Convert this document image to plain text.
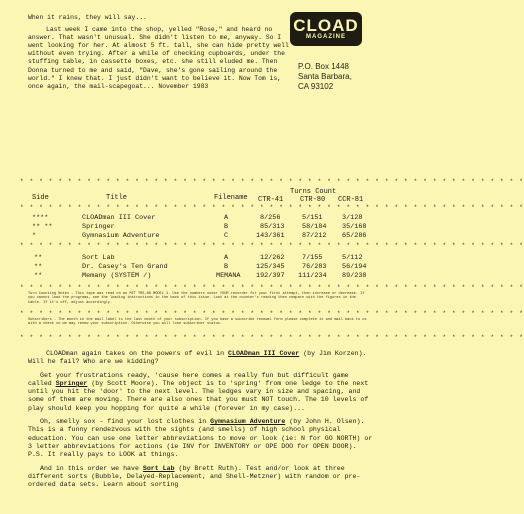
When it rains, they will say...

Last week I came into the shop, yelled "Rose," and heard no answer. That wasn't unusual. She didn't listen to me, anyway. So I went looking for her. At almost 5 ft. tall, she can hide pretty well without even trying. After a while of checking cupboards, under the stuffing table, in cassette boxes, etc. she still eluded me. Then Donna turned to me and said, "Dave, she's gone sailing around the world." I knew that. I just didn't want to believe it. Now Tom is, once again, the mail-scapegoat... November 1983

CLOAD
MAGAZINE
P.O. Box 1448
Santa Barbara,
CA 93102
* * * * * * * * * * * * * * * * * * * * * * * * * * * * * * * * * * * * * * * * * * * * * * * * * * * * *
Side	Title	Filename
Turns Count
CTR-41 CTR-80 CCR-81
* * * * * * * * * * * * * * * * * * * * * * * * * * * * * * * * * * * * * * * * * * * * * * * * * * * * *
****	CLOADman III Cover	A	8/256	5/151	3/128
** **	Springer	B	85/313	58/184 35/168
*	Gymnasium Adventure	C	143/361	87/212 65/286
* * * * * * * * * * * * * * * * * * * * * * * * * * * * * * * * * * * * * * * * * * * * * * * * * * * * *
**	Sort Lab	A	12/262	7/155	5/112
**	Dr. Casey's Ten Grand	B	125/345	76/283 56/194
**	Memany (SYSTEM /)	MEMANA 192/397 111/234 89/238
* * * * * * * * * * * * * * * * * * * * * * * * * * * * * * * * * * * * * * * * * * * * * * * * * * * * *
Turn Counting Notes - This tape was read on an MIT TRS-80 MODEL 1. Use the numbers under YOUR recorder for your first attempt, then increase or decrease. If you cannot load the programs, see the loading instructions in the back of this issue. Look at the counter's reading then compare with the figures in the table. If it's off, adjust accordingly.
* * * * * * * * * * * * * * * * * * * * * * * * * * * * * * * * * * * * * * * * * * * * * * * * * * * * *
Subscribers - The month in the mail label is the last month of your subscription. If you have a subscribe renewal form please complete it and mail back to us with a check so we may renew your subscription. Otherwise you will lose subscriber status.
* * * * * * * * * * * * * * * * * * * * * * * * * * * * * * * * * * * * * * * * * * * * * * * * * * * * *

CLOADman again takes on the powers of evil in CLOADman III Cover (by Jim Korzen). Will he fail? Who are we kidding?

Get your frustrations ready, 'cause here comes a really fun but difficult game called Springer (by Scott Moore). The object is to 'spring' from one ledge to the next until you hit the 'door' to the next level. The ledges vary in size and spacing, and some of them are moving. There are also ones that you must NOT touch. The 10 levels of play should keep you hopping for quite a while (forever in my case)...

Oh, smelly sox - find your lost clothes in Gymnasium Adventure (by John H. Olsen). This is a funny rendezvous with the sights (and smells) of high school physical education. You can use one letter abbreviations to move or look (ie: N for GO NORTH) or 3 letter abbreviations for actions (ie INV for INVENTORY or OPE DOO for OPEN DOOR). P.S. It really pays to LOOK at things.

And in this order we have Sort Lab (by Brett Ruth). Test and/or look at three different sorts (Bubble, Delayed-Replacement, and Shell-Metzner) with random or pre-ordered data sets. Learn about sorting
